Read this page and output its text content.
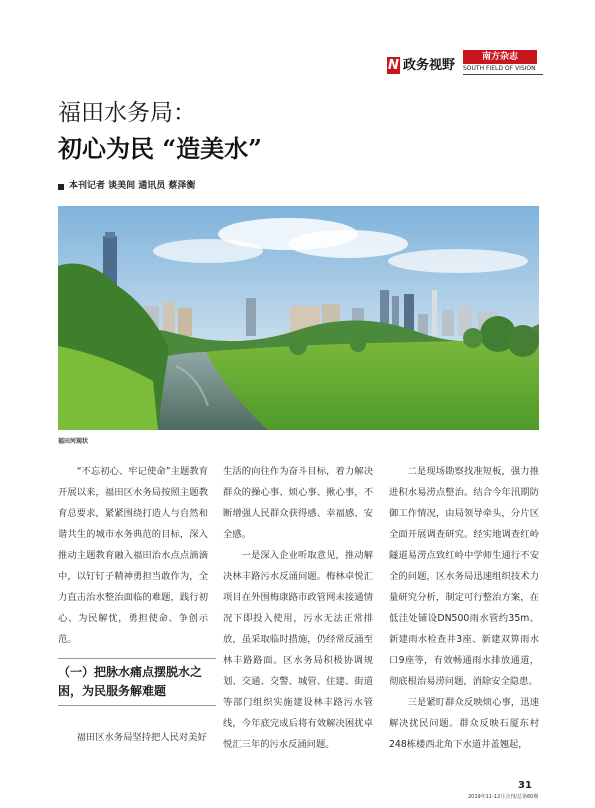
N 政务视野
南方杂志
SOUTH FIELD OF VISION
福田水务局：
初心为民 “造美水”
本刊记者 谈美间 通讯员 蔡泽衡
福田河现状

“不忘初心、牢记使命”主题教育开展以来，福田区水务局按照主题教育总要求，紧紧围绕打造人与自然和谐共生的城市水务典范的目标，深入推动主题教育融入福田治水点点滴滴中，以钉钉子精神勇担当敢作为，全力直击治水整治面临的难题，践行初心、为民解忧，勇担使命、争创示范。

（一）把脉水痛点摆脱水之困，为民服务解难题

福田区水务局坚持把人民对美好

生活的向往作为奋斗目标，着力解决群众的操心事、烦心事、揪心事，不断增强人民群众获得感、幸福感、安全感。

一是深入企业听取意见，推动解决林丰路污水反涌问题。梅林卓悦汇项目在外围梅康路市政管网未接通情况下即投入使用，污水无法正常排放，虽采取临时措施，仍经常反涌至林丰路路面。区水务局积极协调规划、交通、交警、城管、住建、街道等部门组织实施建设林丰路污水管线，今年底完成后将有效解决困扰卓悦汇三年的污水反涌问题。

二是现场勘察找准短板，强力推进积水易涝点整治。结合今年汛期防御工作情况，由局领导牵头，分片区全面开展调查研究。经实地调查红岭隧道易涝点致红岭中学师生通行不安全的问题，区水务局迅速组织技术力量研究分析，制定可行整治方案，在低洼处铺设DN500雨水管约35m、新建雨水检查井3座、新建双箅雨水口9座等，有效畅通雨水排放通道，彻底根治易涝问题，消除安全隐患。

三是紧盯群众反映烦心事，迅速解决扰民问题。群众反映石厦东村248栋楼西北角下水道井盖翘起，

31
2019年11-12月合刊/总第60期
